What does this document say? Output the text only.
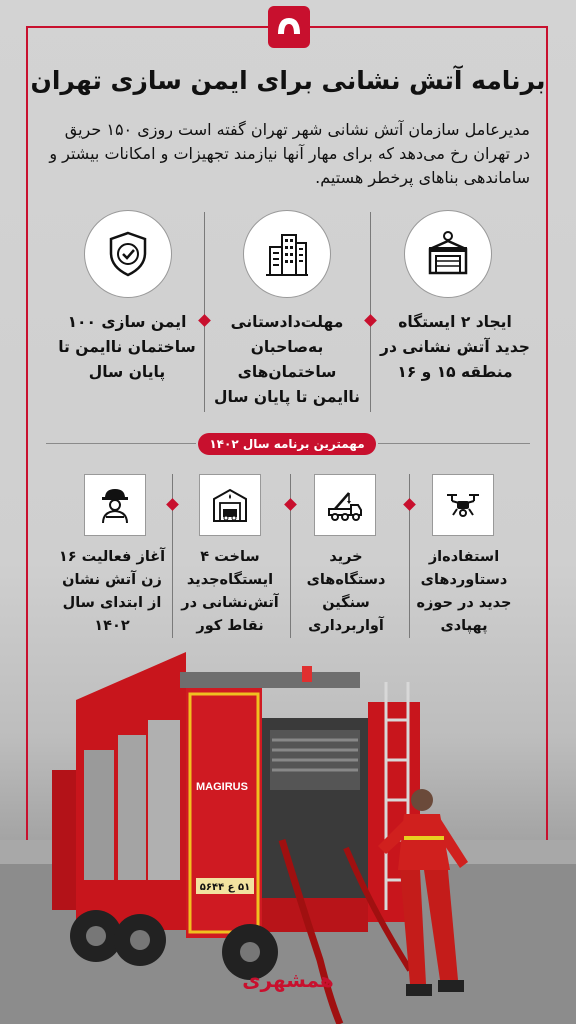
برنامه آتش نشانی برای ایمن سازی تهران

مدیرعامل سازمان آتش نشانی شهر تهران گفته است روزی ۱۵۰ حریق در تهران رخ می‌دهد که برای مهار آنها نیازمند تجهیزات و امکانات بیشتر و ساماندهی بناهای پرخطر هستیم.

ایجاد ۲ ایستگاه جدید آتش نشانی در منطقه ۱۵ و ۱۶

مهلت‌دادستانی به‌صاحبان ساختمان‌های ناایمن تا پایان سال

ایمن سازی ۱۰۰ ساختمان ناایمن تا پایان سال

مهمترین برنامه سال ۱۴۰۲

استفاده‌از دستاوردهای جدید در حوزه پهپادی

خرید دستگاه‌های سنگین آواربرداری

ساخت ۴ ایستگاه‌جدید آتش‌نشانی در نقاط کور

آغاز فعالیت ۱۶ زن آتش نشان از ابتدای سال ۱۴۰۲

MAGIRUS
۵۱ ع ۵۶۴۴
همشهری
